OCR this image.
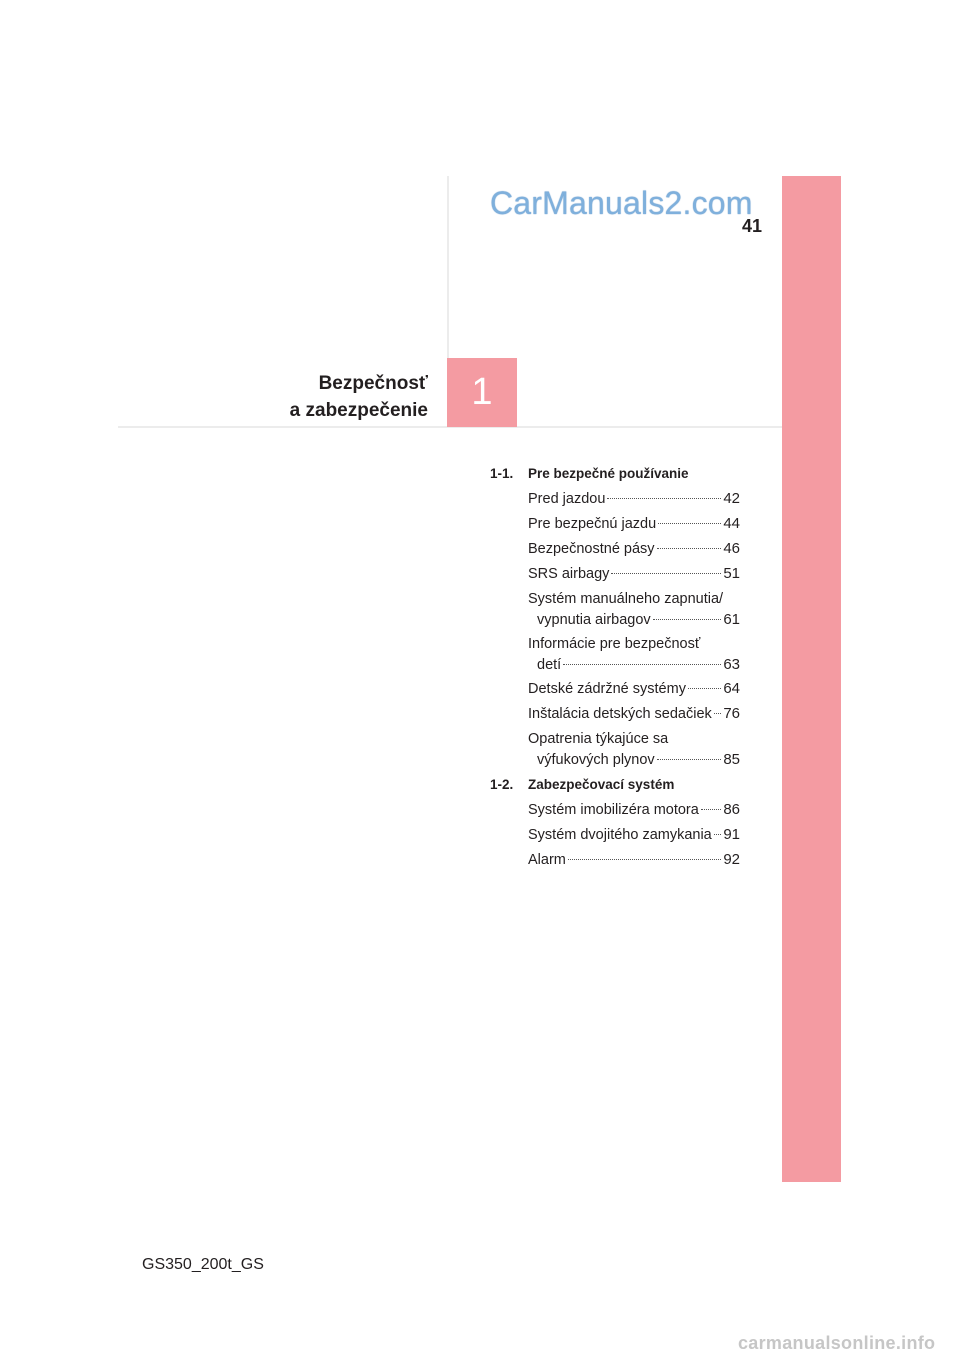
CarManuals2.com
41
1
Bezpečnosť
a zabezpečenie
1-1. Pre bezpečné používanie
Pred jazdou	42
Pre bezpečnú jazdu	44
Bezpečnostné pásy	46
SRS airbagy	51
Systém manuálneho zapnutia/
vypnutia airbagov	61
Informácie pre bezpečnosť
detí	63
Detské zádržné systémy 64
Inštalácia detských sedačiek 76
Opatrenia týkajúce sa
výfukových plynov	85
1-2. Zabezpečovací systém
Systém imobilizéra motora 86
Systém dvojitého zamykania 91
Alarm	92
GS350_200t_GS
carmanualsonline.info
